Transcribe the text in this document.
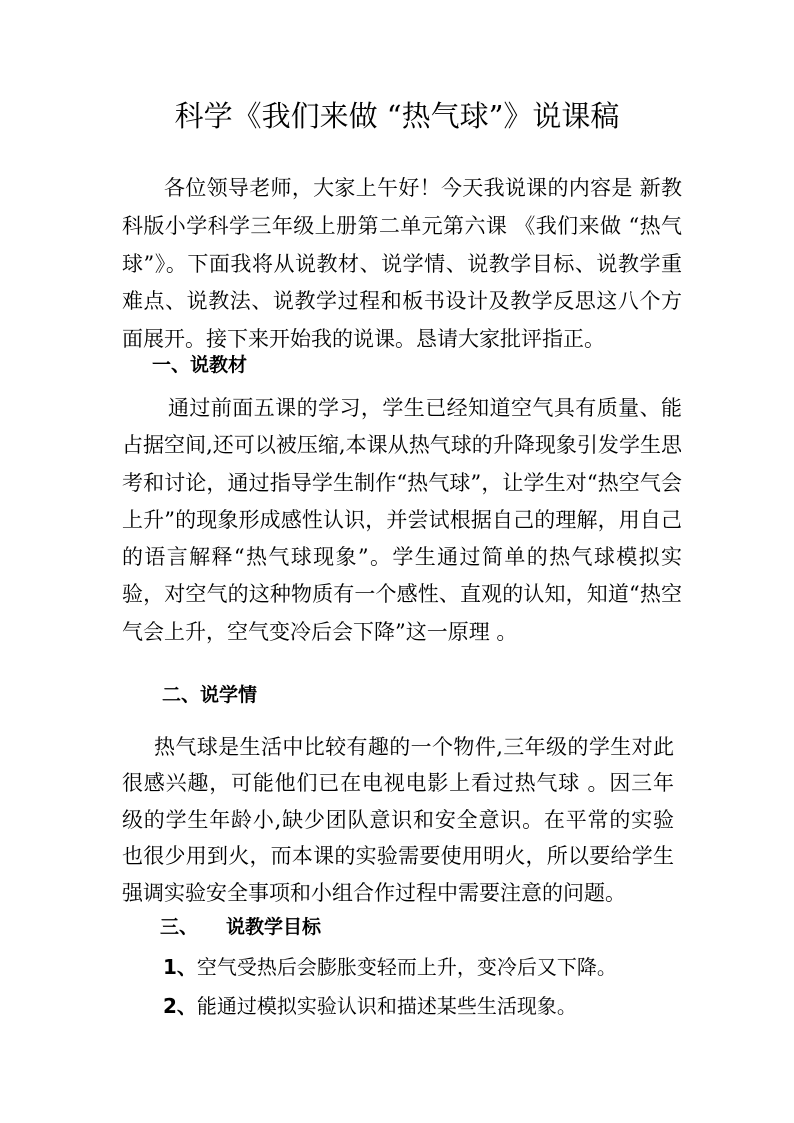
科学《我们来做 “热气球”》说课稿

各位领导老师，大家上午好！今天我说课的内容是 新教科版小学科学三年级上册第二单元第六课 《我们来做 “热气球”》。下面我将从说教材、说学情、说教学目标、说教学重难点、说教法、说教学过程和板书设计及教学反思这八个方面展开。接下来开始我的说课。恳请大家批评指正。

一、说教材

通过前面五课的学习，学生已经知道空气具有质量、能占据空间,还可以被压缩,本课从热气球的升降现象引发学生思考和讨论，通过指导学生制作“热气球”，让学生对“热空气会上升”的现象形成感性认识，并尝试根据自己的理解，用自己的语言解释“热气球现象”。学生通过简单的热气球模拟实验，对空气的这种物质有一个感性、直观的认知，知道“热空气会上升，空气变冷后会下降”这一原理 。

二、说学情

热气球是生活中比较有趣的一个物件,三年级的学生对此很感兴趣，可能他们已在电视电影上看过热气球 。因三年级的学生年龄小,缺少团队意识和安全意识。在平常的实验也很少用到火，而本课的实验需要使用明火，所以要给学生强调实验安全事项和小组合作过程中需要注意的问题。

三、 说教学目标
1、空气受热后会膨胀变轻而上升，变冷后又下降。
2、能通过模拟实验认识和描述某些生活现象。
